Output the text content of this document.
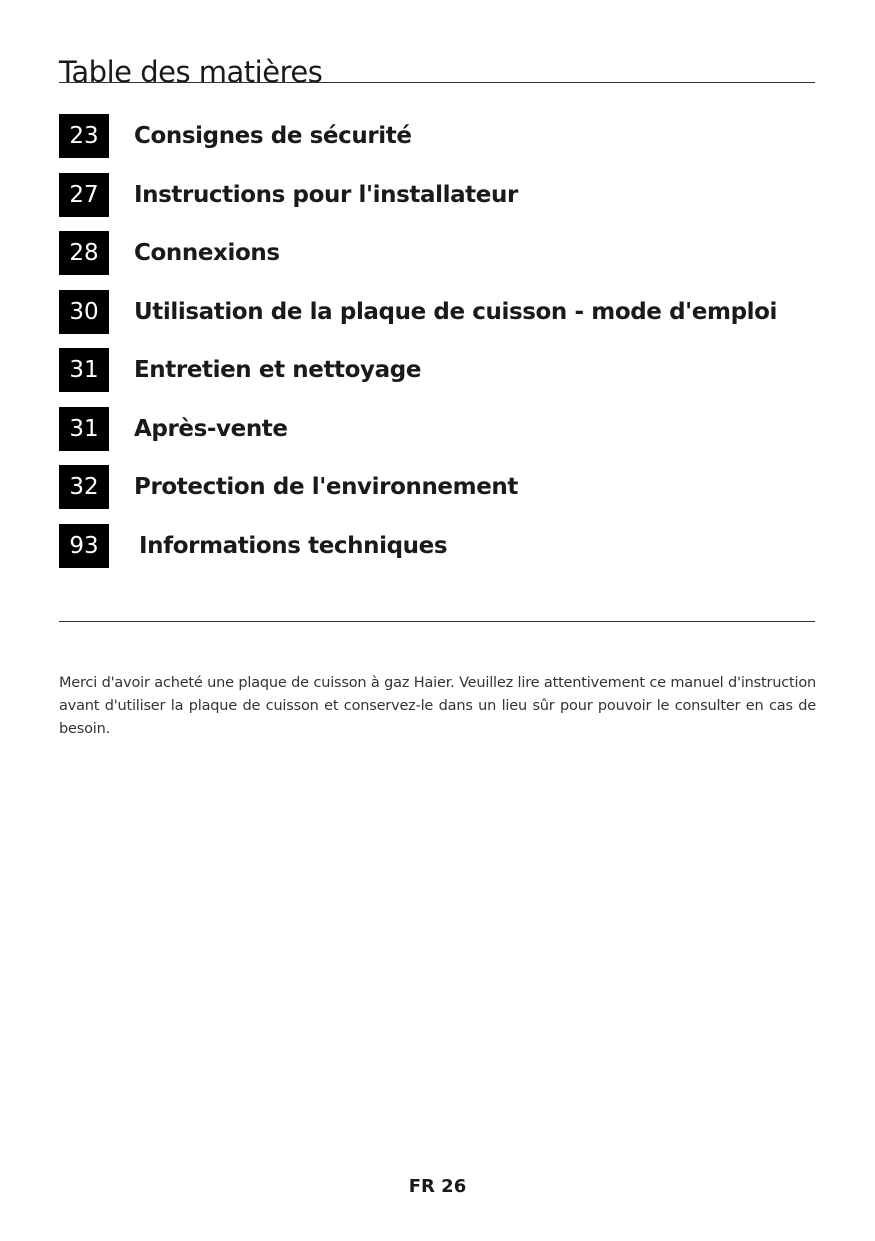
Table des matières
23	Consignes de sécurité
27	Instructions pour l'installateur
28	Connexions
30	Utilisation de la plaque de cuisson - mode d'emploi
31	Entretien et nettoyage
31	Après-vente
32	Protection de l'environnement
93	Informations techniques

Merci d'avoir acheté une plaque de cuisson à gaz Haier. Veuillez lire attentivement ce manuel d'instruction avant d'utiliser la plaque de cuisson et conservez-le dans un lieu sûr pour pouvoir le consulter en cas de besoin.

FR 26
